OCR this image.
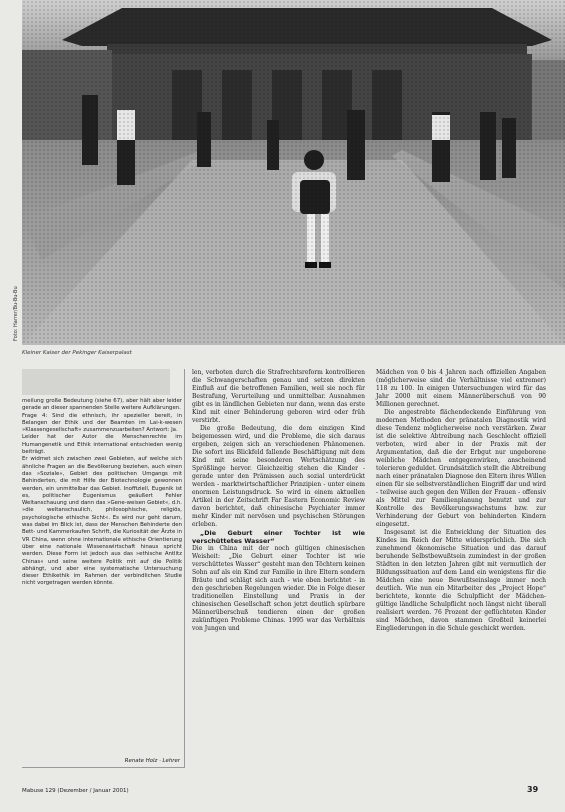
Foto: Harrer/Bu-Bu-Bu
Kleiner Kaiser der Pekinger Kaiserpalast

meilung große Bedeutung (siehe 67), aber hält aber leider gerade an dieser spannenden Stelle weitere Aufklärungen.

Frage 4: Sind die ethnisch, ihr spezieller bereit, in Belangen der Ethik und der Beamten im Lai-k-wesen »Klassengesellschaft« zusammenzuarbeiten? Antwort: Ja.

Leider hat der Autor die Menschenrechte im Humangenetik und Ethik international entschieden wenig beiträgt.

Er widmet sich zwischen zwei Gebieten, auf welche sich ähnliche Fragen an die Bevölkerung beziehen, auch einen das »Soziale«, Gebiet des politischen Umgangs mit Behinderten, die mit Hilfe der Biotechnologie gewonnen werden, ein unmittelbar das Gebiet. Inoffiziell, Eugenik ist es, politischer Eugenismus geäußert Fehler Weltanschauung und dann das »Gene-weisen Gebiet«, d.h. »die weltanschaulich, philosophische, religiös, psychologische ethische Sicht«. Es wird nur geht darum, was dabei im Blick ist, dass der Menschen Behinderte den Bett- und Kammerkaufen Schrift, die Kuriosität der Ärzte in VR China, wenn ohne internationale ethische Orientierung über eine nationale Wissenswirtschaft hinaus spricht werden. Diese Form ist jedoch aus das »ethische Antlitz Chinas« und seine weitere Politik mit auf die Politik abhängt, und aber eine systematische Untersuchung dieser Ethikethik im Rahmen der verbindlichen Studie nicht vorgetragen werden könnte.

Renate Holz · Lehrer

len, verboten durch die Strafrechtsreform kontrollieren die Schwangerschaften genau und setzen direkten Einfluß auf die betroffenen Familien, weil sie noch für Bestrafung, Verurteilung und unmittelbar. Ausnahmen gibt es in ländlichen Gebieten nur dann, wenn das erste Kind mit einer Behinderung geboren wird oder früh verstirbt.

Die große Bedeutung, die dem einzigen Kind beigemessen wird, und die Probleme, die sich daraus ergeben, zeigen sich an verschiedenen Phänomenen. Die sofort ins Blickfeld fallende Beschäftigung mit dem Kind mit seine besonderen Wertschätzung des Sprößlinge hervor. Gleichzeitig stehen die Kinder - gerade unter den Prämissen auch sozial unterdrückt werden - marktwirtschaftlicher Prinzipien - unter einem enormen Leistungsdruck. So wird in einem aktuellen Artikel in der Zeitschrift Far Eastern Economic Review davon berichtet, daß chinesische Psychiater immer mehr Kinder mit nervösen und psychischen Störungen erleben.

„Die Geburt einer Tochter ist wie verschüttetes Wasser“

Die in China mit der noch gültigen chinesischen Weisheit: „Die Geburt einer Tochter ist wie verschüttetes Wasser“ gesteht man den Töchtern keinen Sohn auf als ein Kind zur Familie in ihre Eltern sondern Bräute und schlägt sich auch - wie oben berichtet - in den geschrieben Regelungen wieder. Die in Folge dieser traditionellen Einstellung und Praxis in der chinesischen Gesellschaft schon jetzt deutlich spürbare Männerüberschuß tendieren einen der großen zukünftigen Probleme Chinas. 1995 war das Verhältnis von Jungen und

Mädchen von 0 bis 4 Jahren nach offiziellen Angaben (möglicherweise sind die Verhältnisse viel extremer) 118 zu 100. In einigen Untersuchungen wird für das Jahr 2000 mit einem Männerüberschuß von 90 Millionen gerechnet.

Die angestrebte flächendeckende Einführung von modernen Methoden der pränatalen Diagnostik wird diese Tendenz möglicherweise noch verstärken. Zwar ist die selektive Abtreibung nach Geschlecht offiziell verboten, wird aber in der Praxis mit der Argumentation, daß die der Erbgut nur ungeborene weibliche Mädchen entgegenwirken, anscheinend tolerieren geduldet. Grundsätzlich stellt die Abtreibung nach einer pränatalen Diagnose den Eltern ihres Willen einen für sie selbstverständlichen Eingriff dar und wird - teilweise auch gegen den Willen der Frauen - offensiv als Mittel zur Familienplanung benutzt und zur Kontrolle des Bevölkerungswachstums bzw. zur Verhinderung der Geburt von behinderten Kindern eingesetzt.

Insgesamt ist die Entwicklung der Situation des Kindes im Reich der Mitte widersprüchlich. Die sich zunehmend ökonomische Situation und das darauf beruhende Selbstbewußtsein zumindest in der großen Städten in den letzten Jahren gibt mit vermutlich der Bildungssituation auf dem Land ein wenigstens für die Mädchen eine neue Bewußtseinslage immer noch deutlich. Wie nun ein Mitarbeiter des „Project Hope“ berichtete, konnte die Schulpflicht der Mädchen-gültige ländliche Schulpflicht noch längst nicht überall realisiert werden. 76 Prozent der geflüchteten Kinder sind Mädchen, davon stammen Großteil keinerlei Eingliederungen in die Schule geschickt werden.

Mabuse 129 (Dezember / Januar 2001)	39
